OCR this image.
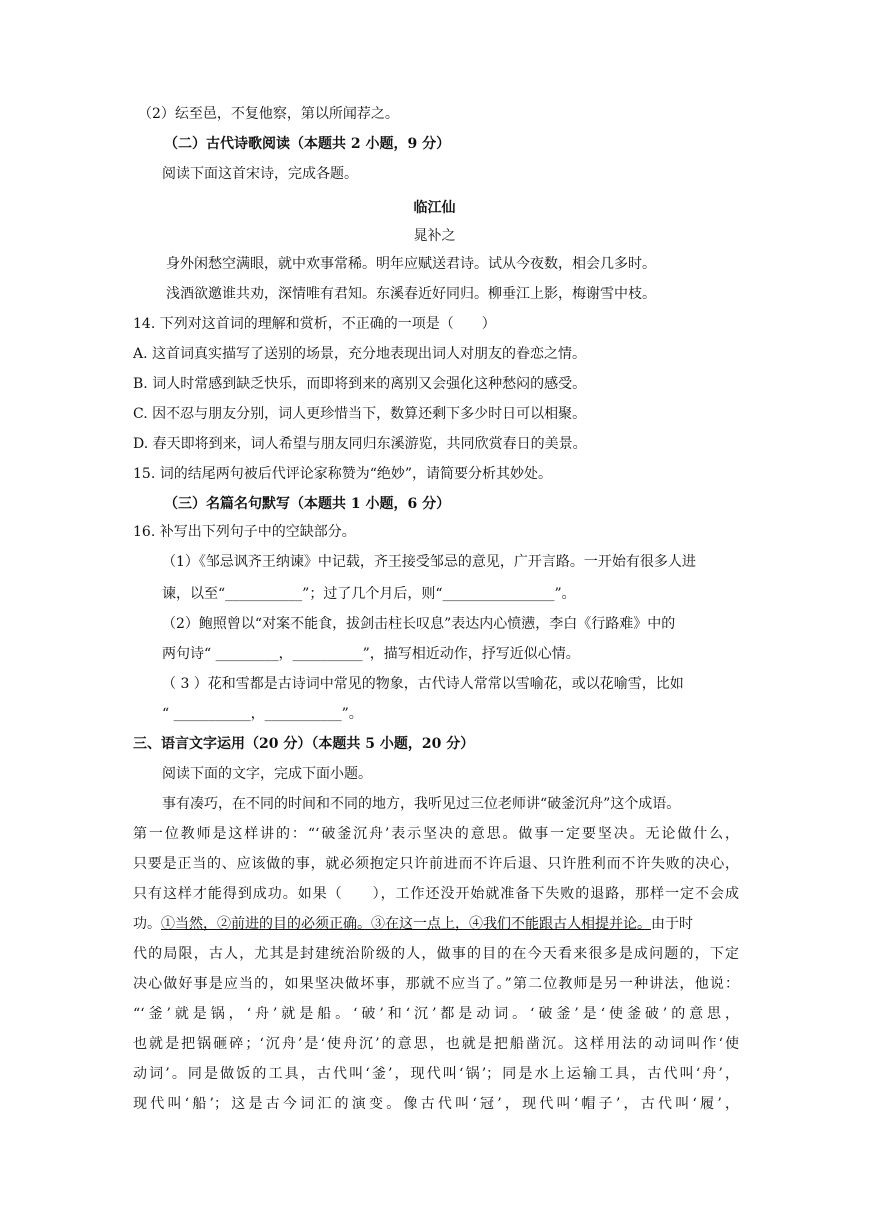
（2）纭至邑，不复他察，第以所闻荐之。
（二）古代诗歌阅读（本题共 2 小题，9 分）
阅读下面这首宋诗，完成各题。
临江仙
晁补之
身外闲愁空满眼，就中欢事常稀。明年应赋送君诗。试从今夜数，相会几多时。
浅酒欲邀谁共劝，深情唯有君知。东溪春近好同归。柳垂江上影，梅谢雪中枝。
14. 下列对这首词的理解和赏析，不正确的一项是（　　）
A. 这首词真实描写了送别的场景，充分地表现出词人对朋友的眷恋之情。
B. 词人时常感到缺乏快乐，而即将到来的离别又会强化这种愁闷的感受。
C. 因不忍与朋友分别，词人更珍惜当下，数算还剩下多少时日可以相聚。
D. 春天即将到来，词人希望与朋友同归东溪游览，共同欣赏春日的美景。
15. 词的结尾两句被后代评论家称赞为“绝妙”，请简要分析其妙处。
（三）名篇名句默写（本题共 1 小题，6 分）
16. 补写出下列句子中的空缺部分。
（1）《邹忌讽齐王纳谏》中记载，齐王接受邹忌的意见，广开言路。一开始有很多人进
谏，以至“___________”；过了几个月后，则“________________”。
（2）鲍照曾以“对案不能食，拔剑击柱长叹息”表达内心愤懑，李白《行路难》中的
两句诗“ _________，__________”，描写相近动作，抒写近似心情。
（ 3 ）花和雪都是古诗词中常见的物象，古代诗人常常以雪喻花，或以花喻雪，比如
“ ___________，___________”。
三、语言文字运用（20 分）（本题共 5 小题，20 分）
阅读下面的文字，完成下面小题。
事有凑巧，在不同的时间和不同的地方，我听见过三位老师讲“破釜沉舟”这个成语。
第一位教师是这样讲的：“‘破釜沉舟’表示坚决的意思。做事一定要坚决。无论做什么，
只要是正当的、应该做的事，就必须抱定只许前进而不许后退、只许胜利而不许失败的决心，
只有这样才能得到成功。如果（　　），工作还没开始就准备下失败的退路，那样一定不会成
功。①当然，②前进的目的必须正确。③在这一点上，④我们不能跟古人相提并论。由于时
代的局限，古人，尤其是封建统治阶级的人，做事的目的在今天看来很多是成问题的，下定
决心做好事是应当的，如果坚决做坏事，那就不应当了。”第二位教师是另一种讲法，他说：
“‘釜’就是锅，‘舟’就是船。‘破’和‘沉’都是动词。‘破釜’是‘使釜破’的意思，
也就是把锅砸碎；‘沉舟’是‘使舟沉’的意思，也就是把船凿沉。这样用法的动词叫作‘使
动词’。同是做饭的工具，古代叫‘釜’，现代叫‘锅’；同是水上运输工具，古代叫‘舟’，
现代叫‘船’；这是古今词汇的演变。像古代叫‘冠’，现代叫‘帽子’，古代叫‘履’，
